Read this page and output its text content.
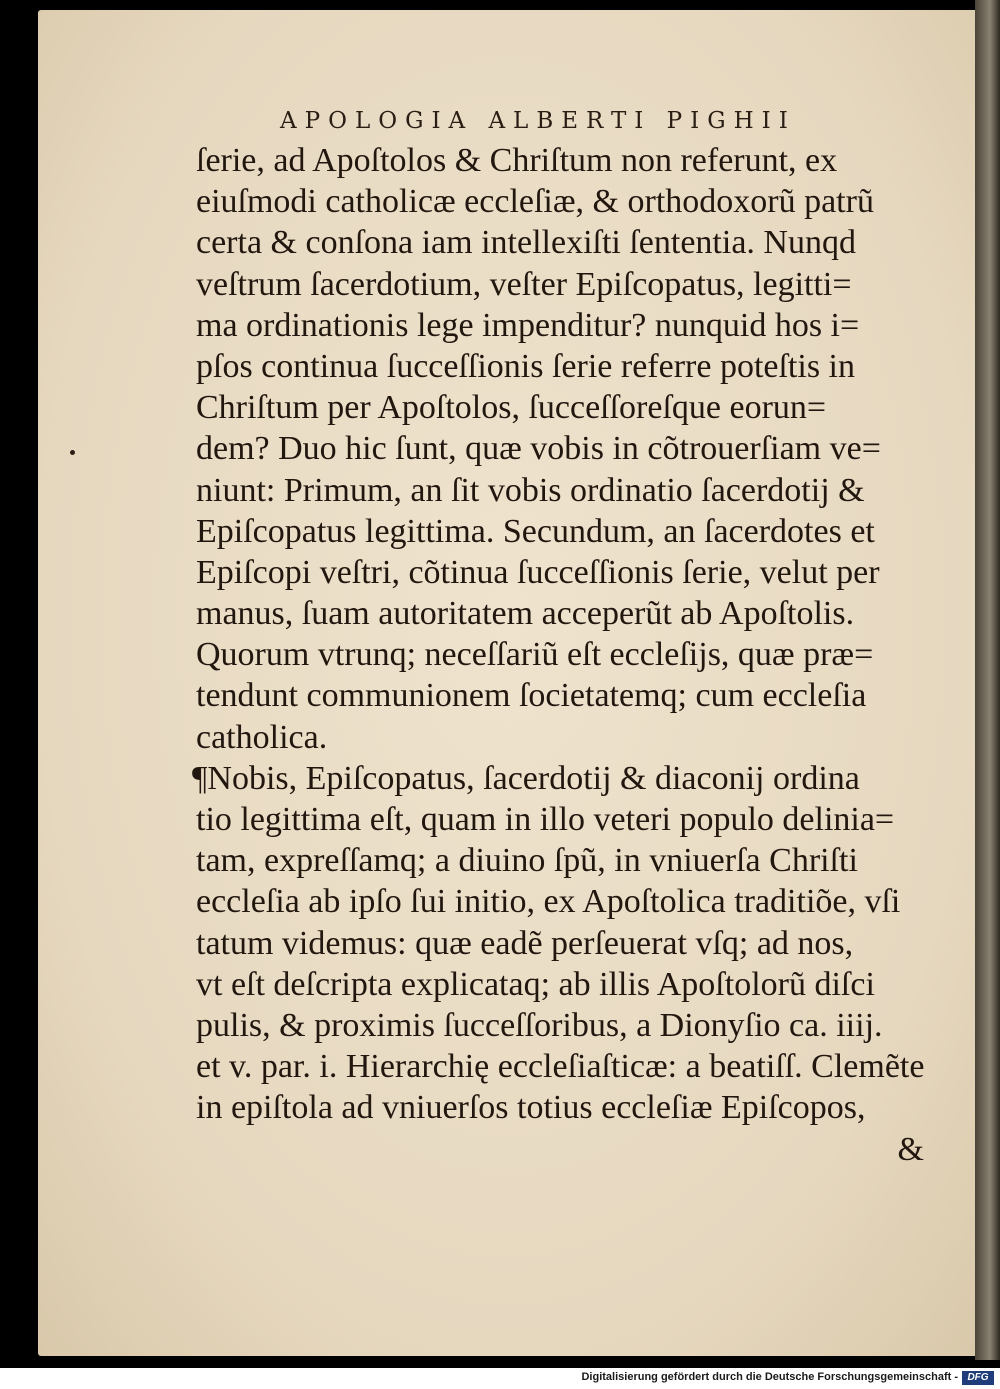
APOLOGIA ALBERTI PIGHII
ſerie, ad Apoſtolos & Chriſtum non referunt, ex
eiuſmodi catholicæ eccleſiæ, & orthodoxorũ patrũ
certa & conſona iam intellexiſti ſententia. Nunqd
veſtrum ſacerdotium, veſter Epiſcopatus, legitti=
ma ordinationis lege impenditur? nunquid hos i=
pſos continua ſucceſſionis ſerie referre poteſtis in
Chriſtum per Apoſtolos, ſucceſſoreſque eorun=
dem? Duo hic ſunt, quæ vobis in cõtrouerſiam ve=
niunt: Primum, an ſit vobis ordinatio ſacerdotij &
Epiſcopatus legittima. Secundum, an ſacerdotes et
Epiſcopi veſtri, cõtinua ſucceſſionis ſerie, velut per
manus, ſuam autoritatem acceperũt ab Apoſtolis.
Quorum vtrunq; neceſſariũ eſt eccleſijs, quæ præ=
tendunt communionem ſocietatemq; cum eccleſia
catholica.
¶Nobis, Epiſcopatus, ſacerdotij & diaconij ordina
tio legittima eſt, quam in illo veteri populo delinia=
tam, expreſſamq; a diuino ſpũ, in vniuerſa Chriſti
eccleſia ab ipſo ſui initio, ex Apoſtolica traditiõe, vſi
tatum videmus: quæ eadẽ perſeuerat vſq; ad nos,
vt eſt deſcripta explicataq; ab illis Apoſtolorũ diſci
pulis, & proximis ſucceſſoribus, a Dionyſio ca. iiij.
et v. par. i. Hierarchię eccleſiaſticæ: a beatiſſ. Clemẽte
in epiſtola ad vniuerſos totius eccleſiæ Epiſcopos,
&
Digitalisierung gefördert durch die Deutsche Forschungsgemeinschaft - DFG
